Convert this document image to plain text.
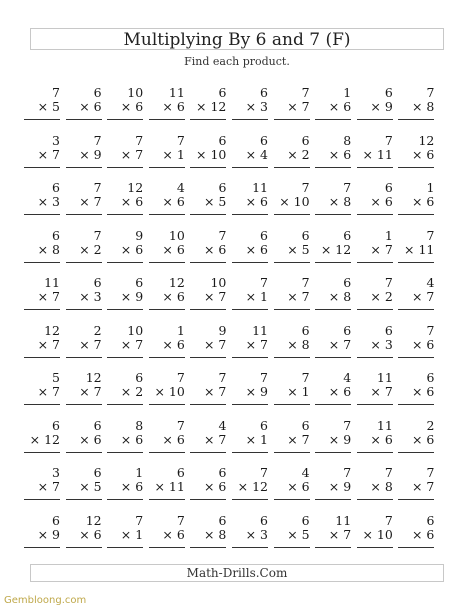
Multiplying By 6 and 7 (F)
Find each product.
7
× 5
6
× 6
10
× 6
11
× 6
6
× 12
6
× 3
7
× 7
1
× 6
6
× 9
7
× 8
3
× 7
7
× 9
7
× 7
7
× 1
6
× 10
6
× 4
6
× 2
8
× 6
7
× 11
12
× 6
6
× 3
7
× 7
12
× 6
4
× 6
6
× 5
11
× 6
7
× 10
7
× 8
6
× 6
1
× 6
6
× 8
7
× 2
9
× 6
10
× 6
7
× 6
6
× 6
6
× 5
6
× 12
1
× 7
7
× 11
11
× 7
6
× 3
6
× 9
12
× 6
10
× 7
7
× 1
7
× 7
6
× 8
7
× 2
4
× 7
12
× 7
2
× 7
10
× 7
1
× 6
9
× 7
11
× 7
6
× 8
6
× 7
6
× 3
7
× 6
5
× 7
12
× 7
6
× 2
7
× 10
7
× 7
7
× 9
7
× 1
4
× 6
11
× 7
6
× 6
6
× 12
6
× 6
8
× 6
7
× 6
4
× 7
6
× 1
6
× 7
7
× 9
11
× 6
2
× 6
3
× 7
6
× 5
1
× 6
6
× 11
6
× 6
7
× 12
4
× 6
7
× 9
7
× 8
7
× 7
6
× 9
12
× 6
7
× 1
7
× 6
6
× 8
6
× 3
6
× 5
11
× 7
7
× 10
6
× 6
Math-Drills.Com
Gembloong.com
